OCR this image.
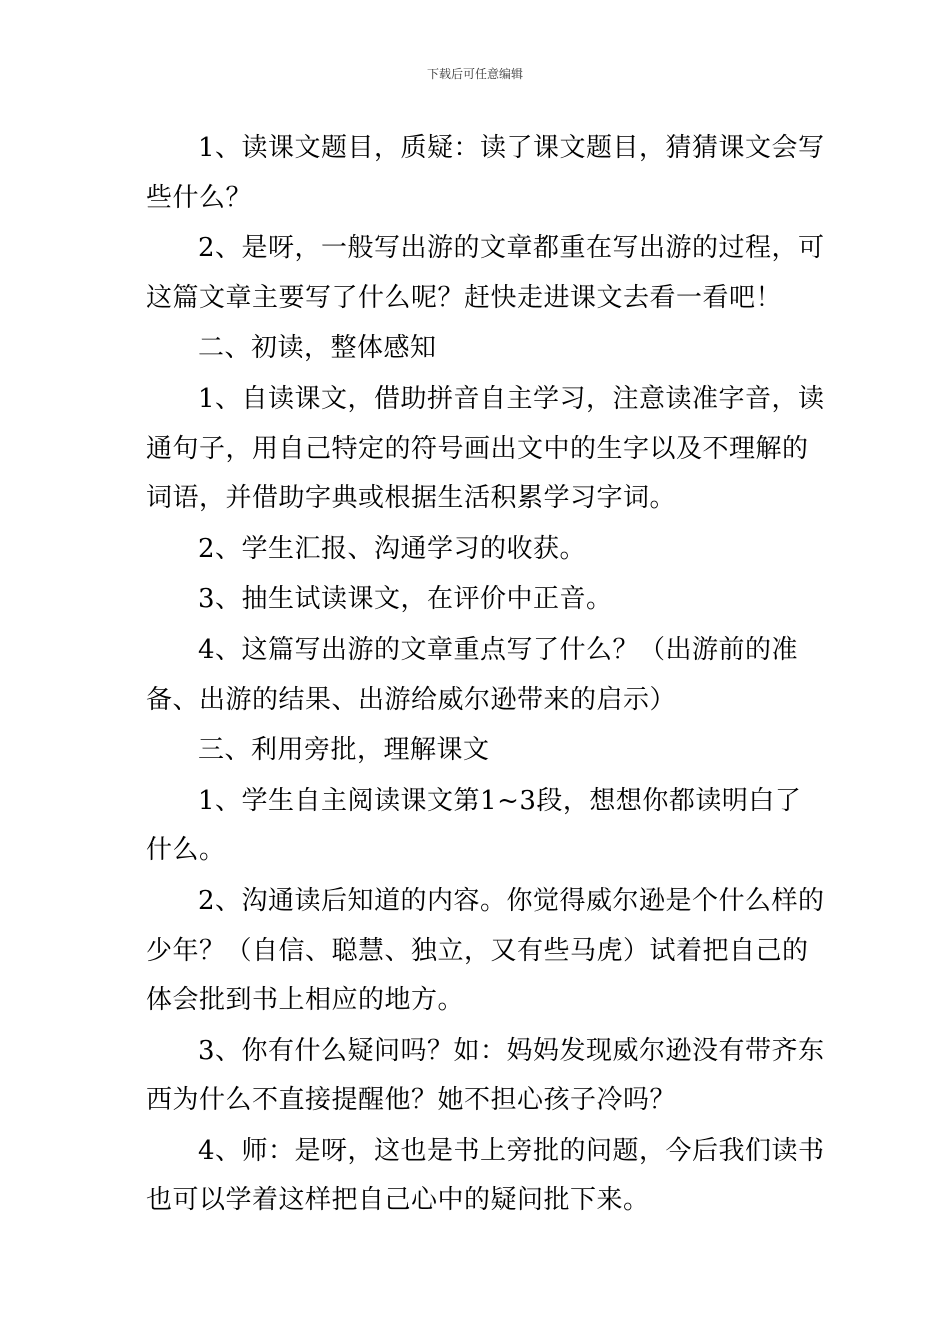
下载后可任意编辑

1、读课文题目，质疑：读了课文题目，猜猜课文会写些什么？

2、是呀，一般写出游的文章都重在写出游的过程，可这篇文章主要写了什么呢？赶快走进课文去看一看吧！

二、初读，整体感知

1、自读课文，借助拼音自主学习，注意读准字音，读通句子，用自己特定的符号画出文中的生字以及不理解的词语，并借助字典或根据生活积累学习字词。

2、学生汇报、沟通学习的收获。

3、抽生试读课文，在评价中正音。

4、这篇写出游的文章重点写了什么？（出游前的准备、出游的结果、出游给威尔逊带来的启示）

三、利用旁批，理解课文

1、学生自主阅读课文第1~3段，想想你都读明白了什么。

2、沟通读后知道的内容。你觉得威尔逊是个什么样的少年？（自信、聪慧、独立，又有些马虎）试着把自己的体会批到书上相应的地方。

3、你有什么疑问吗？如：妈妈发现威尔逊没有带齐东西为什么不直接提醒他？她不担心孩子冷吗？

4、师：是呀，这也是书上旁批的问题，今后我们读书也可以学着这样把自己心中的疑问批下来。
